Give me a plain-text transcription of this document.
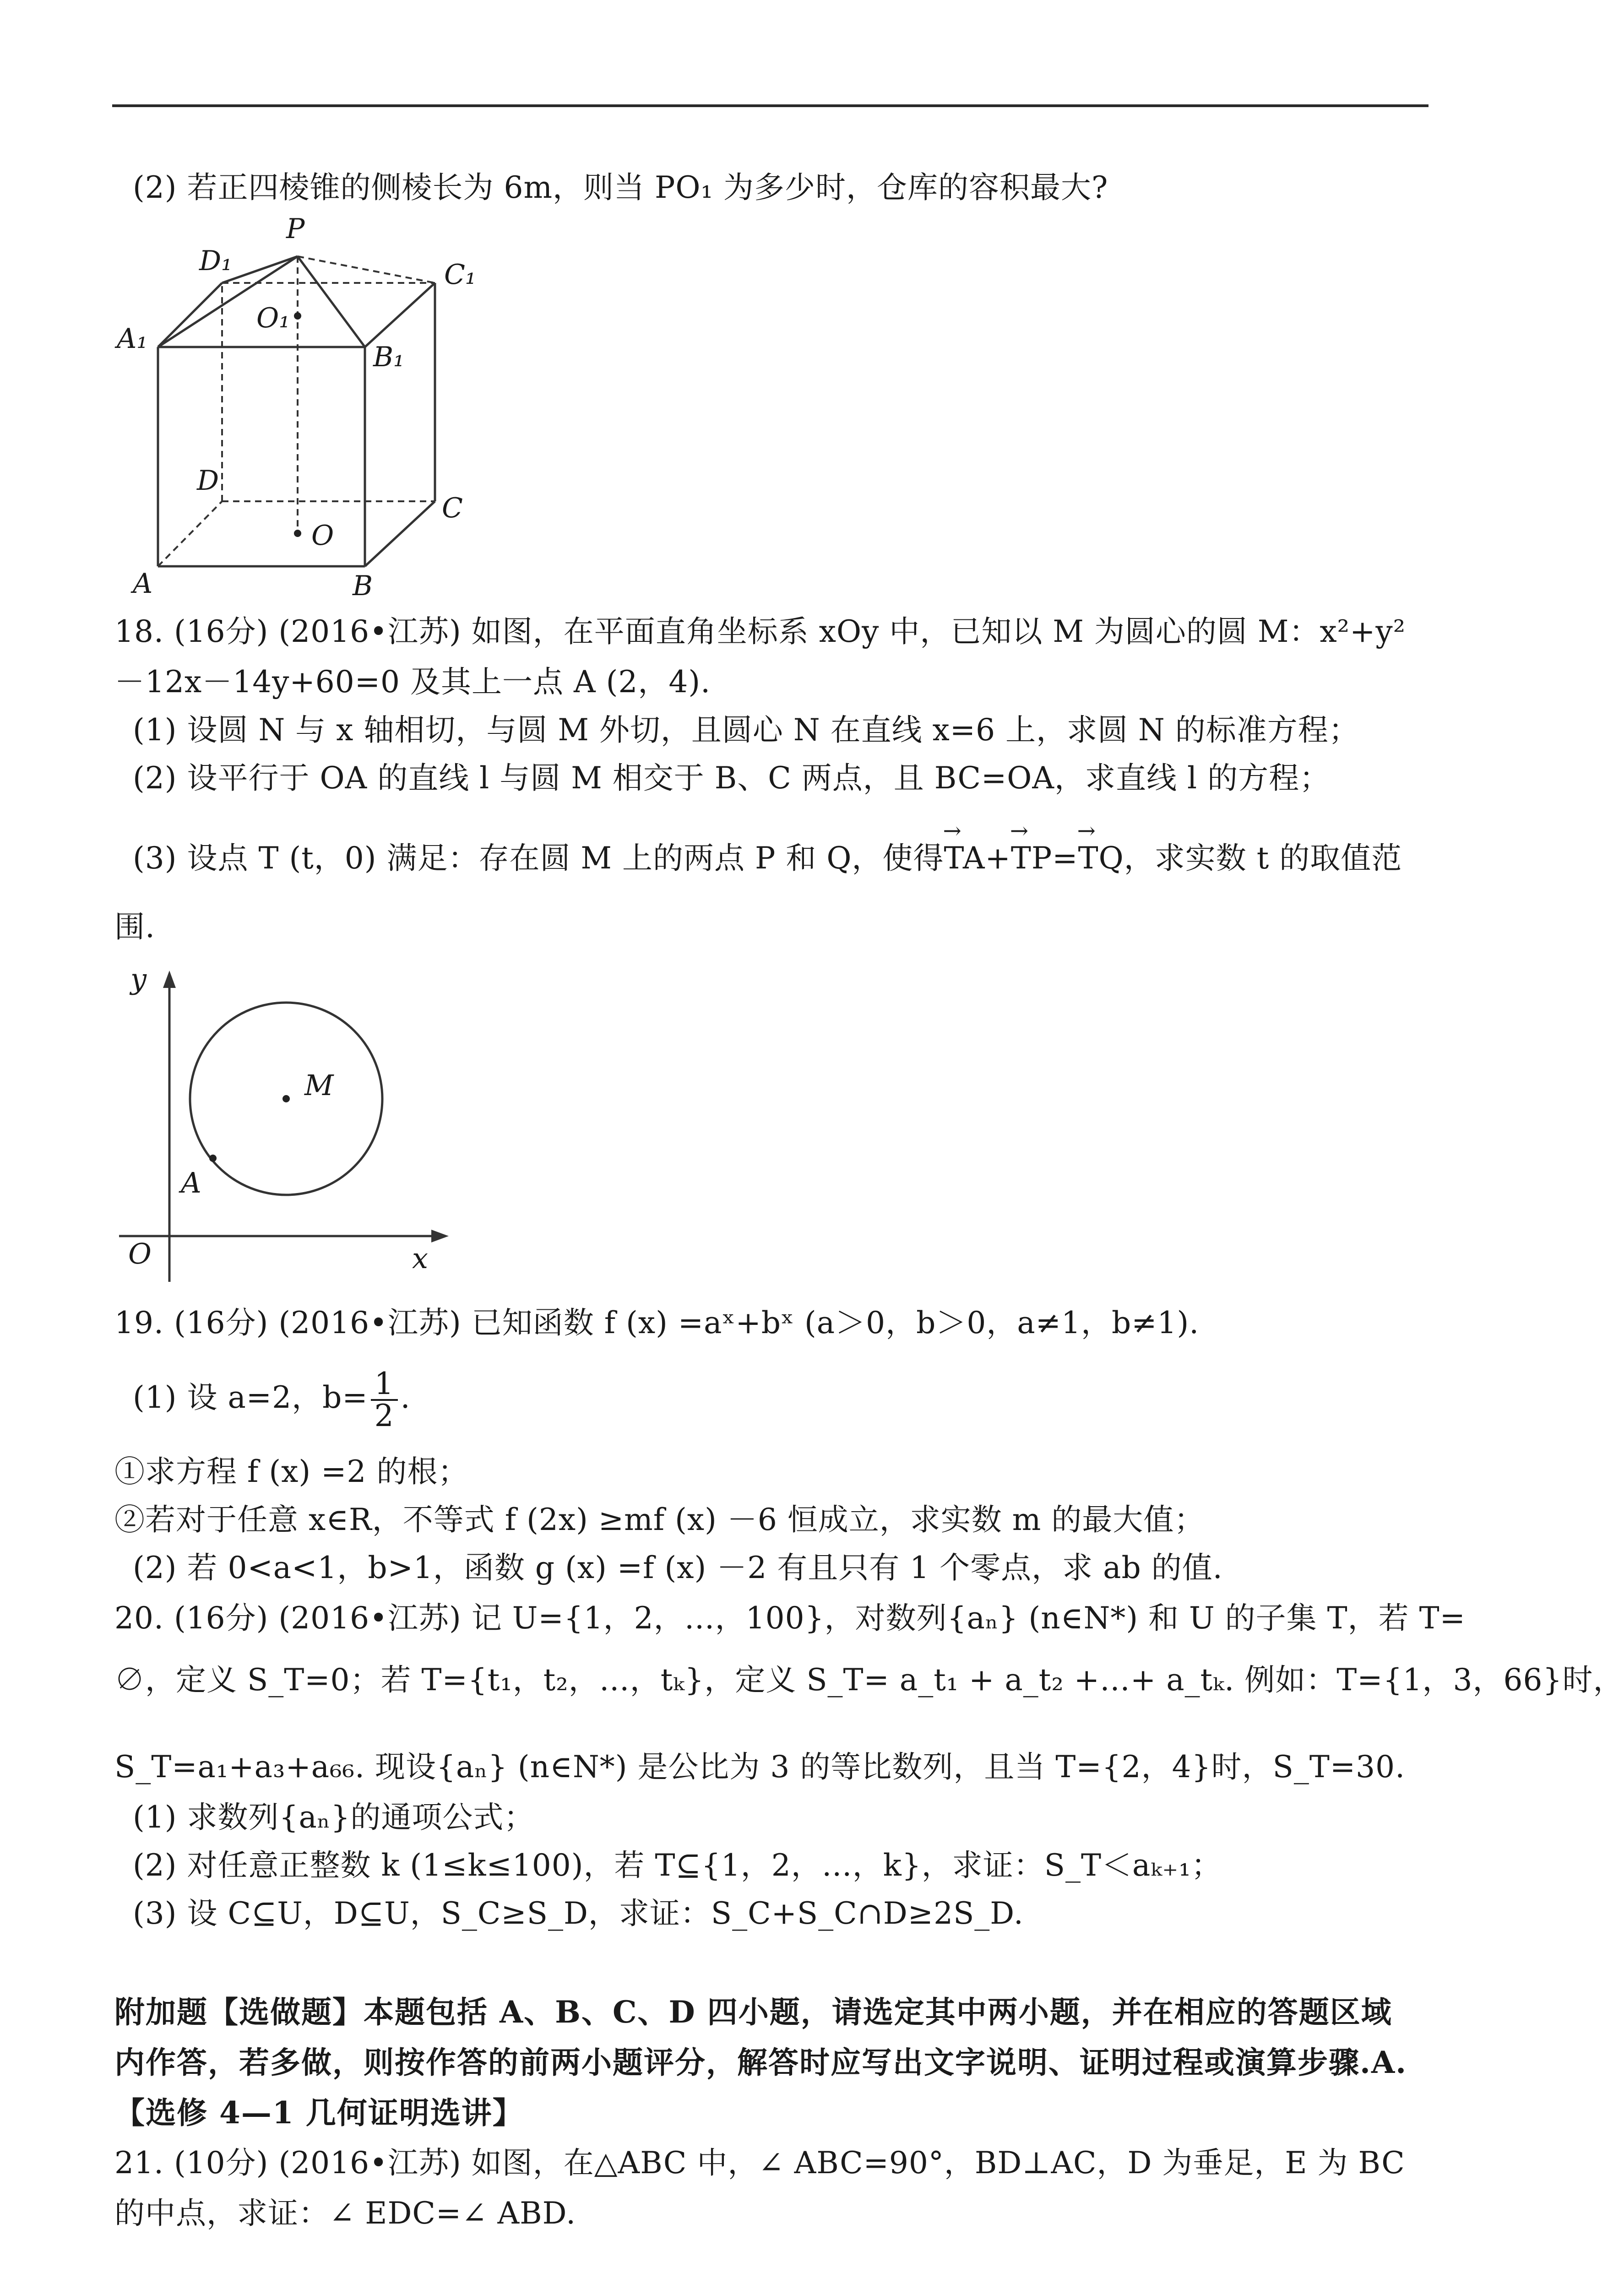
(2) 若正四棱锥的侧棱长为 6m，则当 PO₁ 为多少时，仓库的容积最大?
P
D₁	C₁
O₁
A₁
B₁
D
C
O
A	B
18. (16分) (2016•江苏) 如图，在平面直角坐标系 xOy 中，已知以 M 为圆心的圆 M：x²+y²
－12x－14y+60=0 及其上一点 A (2，4).
(1) 设圆 N 与 x 轴相切，与圆 M 外切，且圆心 N 在直线 x=6 上，求圆 N 的标准方程；
(2) 设平行于 OA 的直线 l 与圆 M 相交于 B、C 两点，且 BC=OA，求直线 l 的方程；
(3) 设点 T (t，0) 满足：存在圆 M 上的两点 P 和 Q，使得→ TA+→ TP=→ TQ，求实数 t 的取值范
围.
y
M
A
O	x
19. (16分) (2016•江苏) 已知函数 f (x) =aˣ+bˣ (a＞0，b＞0，a≠1，b≠1).
(1) 设 a=2，$b= \frac{1}{2}$ .
①求方程 f (x) =2 的根；
②若对于任意 x∈R，不等式 f (2x) ≥mf (x) －6 恒成立，求实数 m 的最大值；
(2) 若 0<a<1，b>1，函数 g (x) =f (x) －2 有且只有 1 个零点，求 ab 的值.
20. (16分) (2016•江苏) 记 U={1，2，…，100}，对数列{aₙ} (n∈N*) 和 U 的子集 T，若 T=
∅，定义 S_T=0；若 T={t₁，t₂，…，tₖ}，定义 S_T= a_t₁ + a_t₂ +…+ a_tₖ. 例如：T={1，3，66}时，
S_T=a₁+a₃+a₆₆. 现设{aₙ} (n∈N*) 是公比为 3 的等比数列，且当 T={2，4}时，S_T=30.
(1) 求数列{aₙ}的通项公式；
(2) 对任意正整数 k (1≤k≤100)，若 T⊆{1，2，…，k}，求证：S_T＜aₖ₊₁；
(3) 设 C⊆U，D⊆U，S_C≥S_D，求证：S_C+S_C∩D≥2S_D.
附加题【选做题】本题包括 A、B、C、D 四小题，请选定其中两小题，并在相应的答题区域
内作答，若多做，则按作答的前两小题评分，解答时应写出文字说明、证明过程或演算步骤.A.
【选修 4—1 几何证明选讲】
21. (10分) (2016•江苏) 如图，在△ABC 中，∠ ABC=90°，BD⊥AC，D 为垂足，E 为 BC
的中点，求证：∠ EDC=∠ ABD.
